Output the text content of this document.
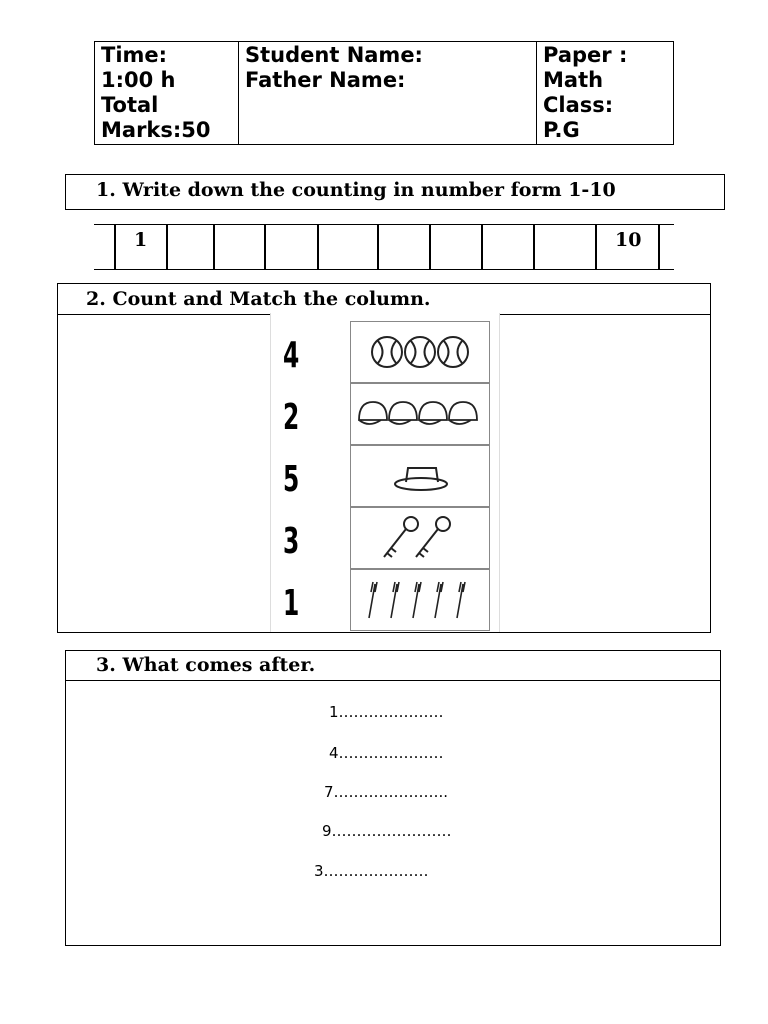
Time:
1:00 h
Total
Marks:50

Student Name:
Father Name:

Paper :
Math
Class:
P.G
1. Write down the counting in number form 1-10
1	10
2. Count and Match the column.
4
2
5
3
1
3. What comes after.
1…………………
4…………………
7…………………..
9……………………
3…………………
